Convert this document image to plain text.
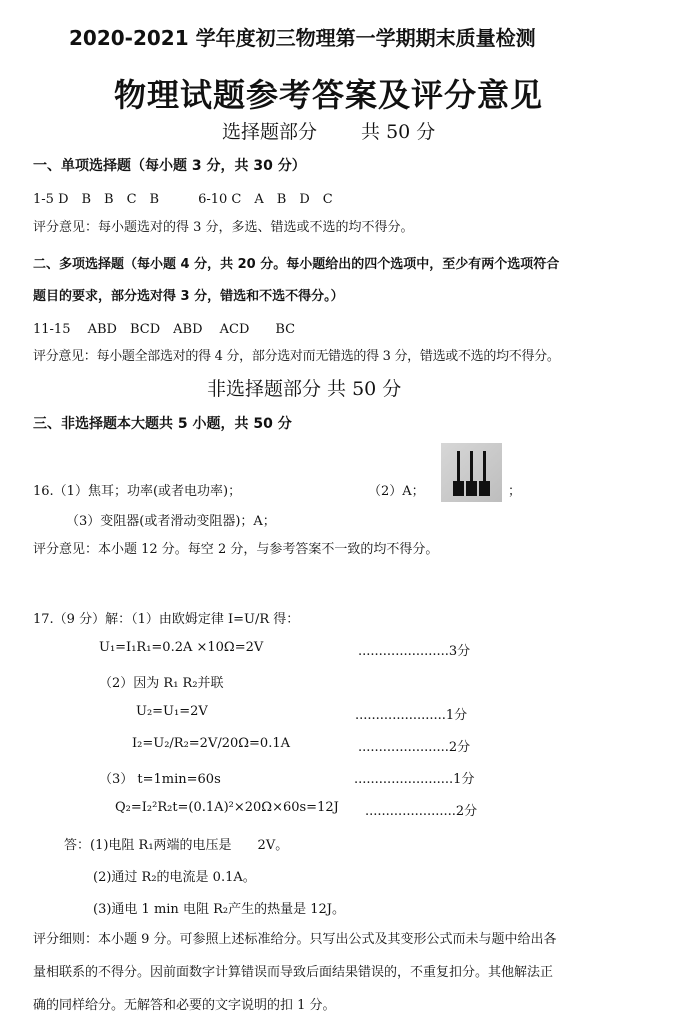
2020-2021 学年度初三物理第一学期期末质量检测
物理试题参考答案及评分意见
选择题部分　　 共 50 分
一、单项选择题（每小题 3 分，共 30 分）
1-5 D　B　B　C　B　　　6-10 C　A　B　D　C
评分意见：每小题选对的得 3 分，多选、错选或不选的均不得分。
二、多项选择题（每小题 4 分，共 20 分。每小题给出的四个选项中，至少有两个选项符合
题目的要求，部分选对得 3 分，错选和不选不得分。）
11-15　 ABD　BCD　ABD　 ACD　　BC
评分意见：每小题全部选对的得 4 分，部分选对而无错选的得 3 分，错选或不选的均不得分。
非选择题部分 共 50 分
三、非选择题本大题共 5 小题，共 50 分
16.（1）焦耳；功率(或者电功率)；	（2）A；	；
（3）变阻器(或者滑动变阻器)；A；
评分意见：本小题 12 分。每空 2 分，与参考答案不一致的均不得分。
17.（9 分）解：（1）由欧姆定律 I=U/R 得：
U₁=I₁R₁=0.2A ×10Ω=2V	......................3分
（2）因为 R₁ R₂并联
U₂=U₁=2V	......................1分
I₂=U₂/R₂=2V/20Ω=0.1A	......................2分
（3） t=1min=60s	........................1分
Q₂=I₂²R₂t=(0.1A)²×20Ω×60s=12J ......................2分
答：(1)电阻 R₁两端的电压是　　2V。
(2)通过 R₂的电流是 0.1A。
(3)通电 1 min 电阻 R₂产生的热量是 12J。
评分细则：本小题 9 分。可参照上述标准给分。只写出公式及其变形公式而未与题中给出各
量相联系的不得分。因前面数字计算错误而导致后面结果错误的，不重复扣分。其他解法正
确的同样给分。无解答和必要的文字说明的扣 1 分。
